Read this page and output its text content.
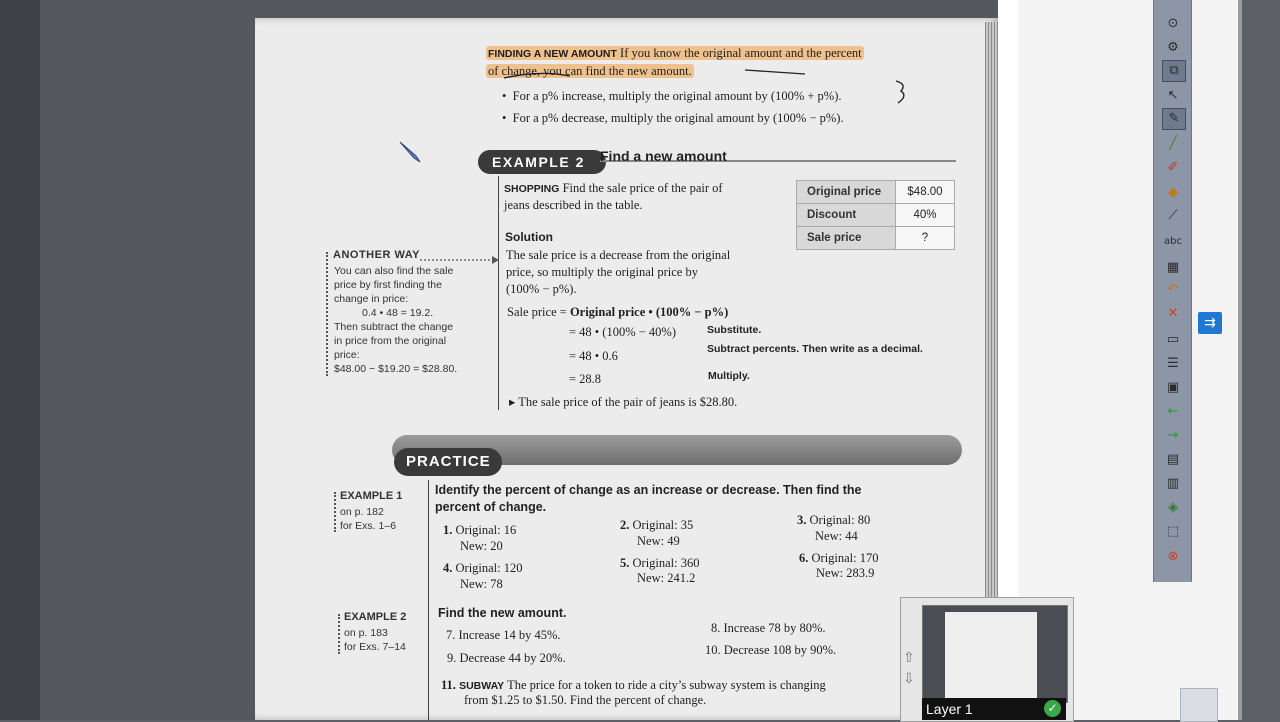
FINDING A NEW AMOUNT If you know the original amount and the percent
of change, you can find the new amount.
•  For a p% increase, multiply the original amount by (100% + p%).
•  For a p% decrease, multiply the original amount by (100% − p%).
EXAMPLE 2 Find a new amount
SHOPPING Find the sale price of the pair of
jeans described in the table.
Original price	$48.00
Discount	40%
Sale price	?
Solution
The sale price is a decrease from the original
price, so multiply the original price by
(100% − p%).
Sale price = Original price • (100% − p%)
= 48 • (100% − 40%)	Substitute.
= 48 • 0.6	Subtract percents. Then write as a decimal.
= 28.8	Multiply.
▸ The sale price of the pair of jeans is $28.80.
ANOTHER WAY
You can also find the sale
price by first finding the
change in price:
0.4 • 48 = 19.2.
Then subtract the change
in price from the original
price:
$48.00 − $19.20 = $28.80.
PRACTICE
EXAMPLE 1
on p. 182
for Exs. 1–6
Identify the percent of change as an increase or decrease. Then find the
percent of change.
1. Original: 16
New: 20
2. Original: 35
New: 49
3. Original: 80
New: 44
4. Original: 120
New: 78
5. Original: 360
New: 241.2
6. Original: 170
New: 283.9
EXAMPLE 2
on p. 183
for Exs. 7–14
Find the new amount.
7. Increase 14 by 45%.	8. Increase 78 by 80%.
9. Decrease 44 by 20%.
10. Decrease 108 by 90%.
11. SUBWAY The price for a token to ride a city’s subway system is changing
from $1.25 to $1.50. Find the percent of change.
⊙
⚙
⧉
↖
✎
╱
✐
◆
⟋
abc
▦
↶
✕
▭
☰
▣
←
→
▤
▥
◈
⬚
⊗
⇉
⇧
⇩
Layer 1	✓
